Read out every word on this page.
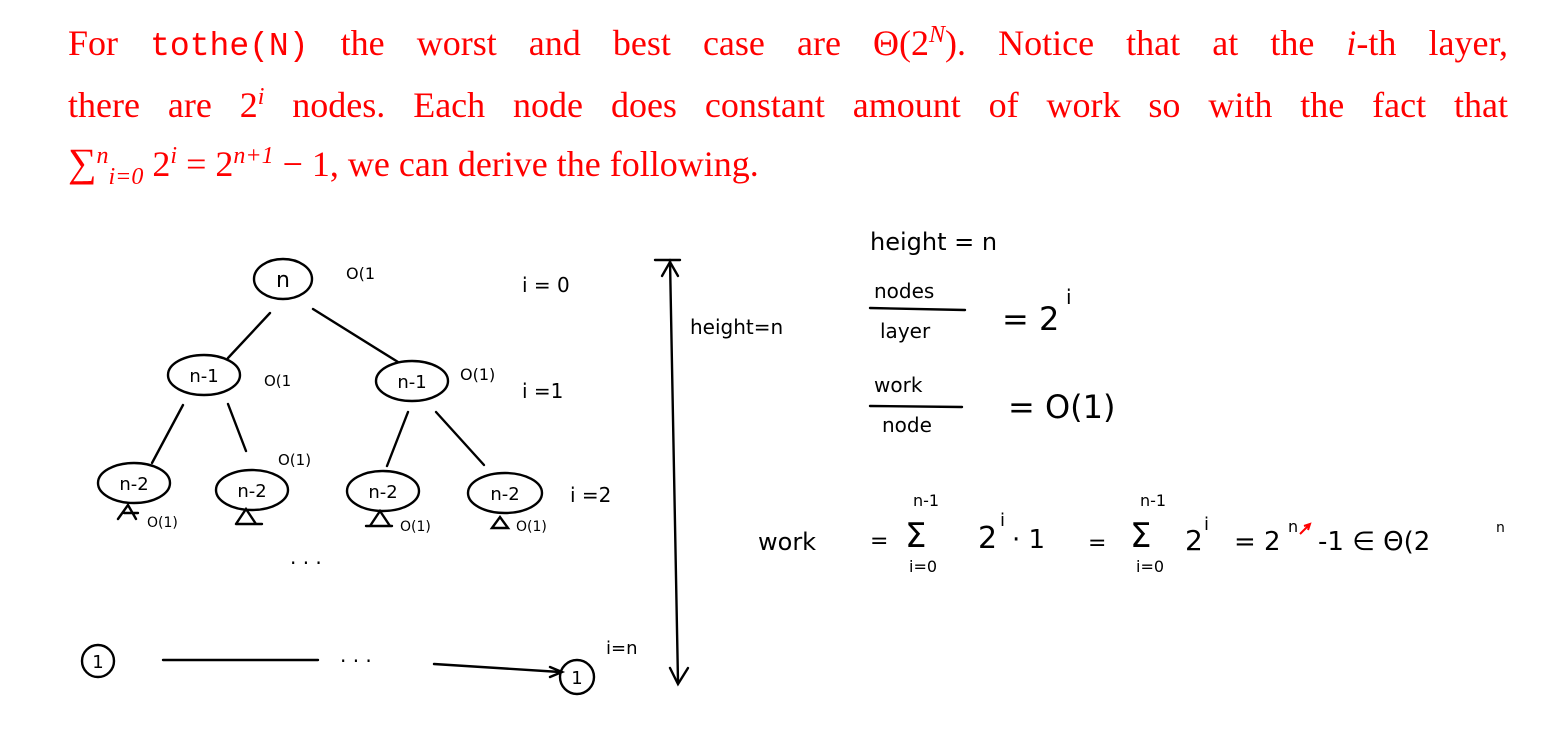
For tothe(N) the worst and best case are $\Theta(2^N)$. Notice that at the i-th layer,
there are 2$^i$ nodes. Each node does constant amount of work so with the fact that
∑$^n_{i=0}$ $2^i = 2^{n+1} - 1$, we can derive the following.
n	O(1	i = 0
n-1	O(1	n-1 O(1)
i =1
O(1)
n-2	n-2	n-2	n-2	i =2
O(1)	O(1)	O(1)
· · ·
1	· · ·
1
i=n
height=n
height = n
nodes
layer = 2
i
work
node = O(1)
work =
n-1
Σ
i=0
2
i
· 1 =
n-1
Σ
i=0
2 i
= 2
n
-1 ∈ Θ(2	n
